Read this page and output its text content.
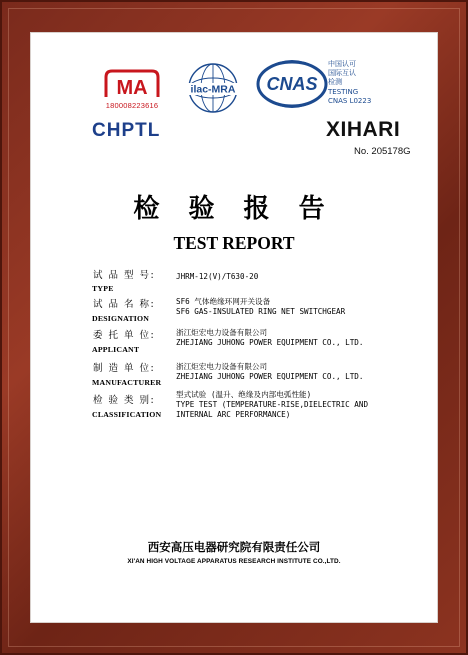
MA
180008223616
ilac-MRA CNAS
中国认可
国际互认
检测
TESTING
CNAS L0223
CHPTL	XIHARI
No. 205178G
检 验 报 告
TEST REPORT
试 品 型 号:
TYPE
JHRM-12(V)/T630-20
试 品 名 称:
DESIGNATION
SF6 气体绝缘环网开关设备
SF6 GAS-INSULATED RING NET SWITCHGEAR
委 托 单 位:
APPLICANT
浙江炬宏电力设备有限公司
ZHEJIANG JUHONG POWER EQUIPMENT CO., LTD.
制 造 单 位:
MANUFACTURER
浙江炬宏电力设备有限公司
ZHEJIANG JUHONG POWER EQUIPMENT CO., LTD.
检 验 类 别:
CLASSIFICATION
型式试验 (温升、绝缘及内部电弧性能)
TYPE TEST (TEMPERATURE-RISE,DIELECTRIC AND
INTERNAL ARC PERFORMANCE)
西安高压电器研究院有限责任公司
XI'AN HIGH VOLTAGE APPARATUS RESEARCH INSTITUTE CO.,LTD.
